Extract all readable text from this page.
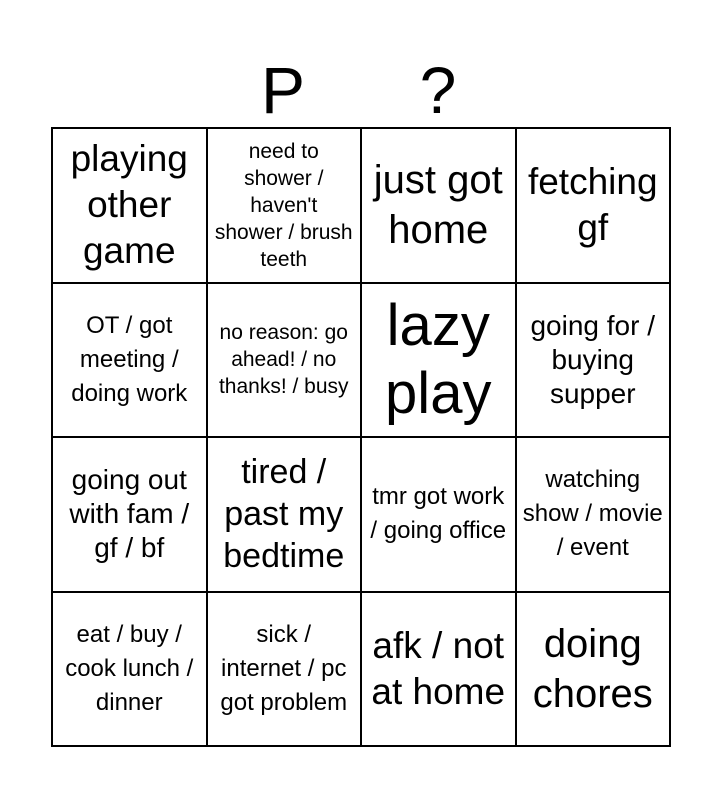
P	?
playing other game
need to shower / haven't shower / brush teeth
just got home
fetching gf
OT / got meeting / doing work
no reason: go ahead! / no thanks! / busy
lazy play
going for / buying supper
going out with fam / gf / bf
tired / past my bedtime
tmr got work / going office
watching show / movie / event
eat / buy / cook lunch / dinner
sick / internet / pc got problem
afk / not at home
doing chores
